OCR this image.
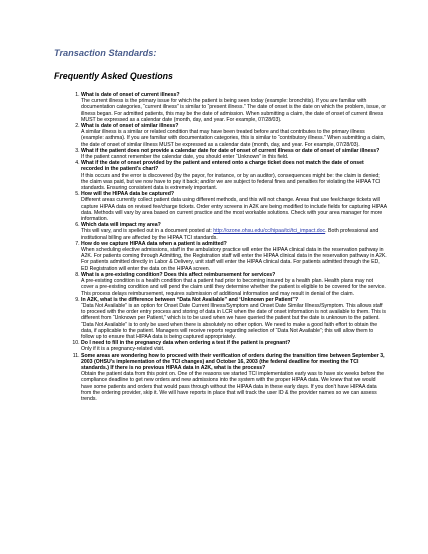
Transaction Standards:
Frequently Asked Questions
1. What is date of onset of current illness?
The current illness is the primary issue for which the patient is being seen today (example: bronchitis). If you are familiar with documentation categories, “current illness” is similar to “present illness.” The date of onset is the date on which the problem, issue, or illness began. For admitted patients, this may be the date of admission. When submitting a claim, the date of onset of current illness MUST be expressed as a calendar date (month, day, and year. For example, 07/28/03).
2. What is date of onset of similar illness?
A similar illness is a similar or related condition that may have been treated before and that contributes to the primary illness (example: asthma). If you are familiar with documentation categories, this is similar to “contributory illness.” When submitting a claim, the date of onset of similar illness MUST be expressed as a calendar date (month, day, and year. For example, 07/28/03).
3. What if the patient does not provide a calendar date for date of onset of current illness or date of onset of similar illness?
If the patient cannot remember the calendar date, you should enter “Unknown” in this field.
4. What if the date of onset provided by the patient and entered onto a charge ticket does not match the date of onset recorded in the patient’s chart?
If this occurs and the error is discovered (by the payor, for instance, or by an auditor), consequences might be: the claim is denied; the claim was paid, but we now have to pay it back; and/or we are subject to federal fines and penalties for violating the HIPAA TCI standards. Ensuring consistent data is extremely important.
5. How will the HIPAA data be captured?
Different areas currently collect patient data using different methods, and this will not change. Areas that use fee/charge tickets will capture HIPAA data on revised fee/charge tickets. Order entry screens in A2K are being modified to include fields for capturing HIPAA data. Methods will vary by area based on current practice and the most workable solutions. Check with your area manager for more information.
6. Which data will impact my area?
This will vary, and is spelled out in a document posted at: http://ozone.ohsu.edu/cc/hipaa/tci/tci_impact.doc. Both professional and institutional billing are affected by the HIPAA TCI standards.
7. How do we capture HIPAA data when a patient is admitted?
When scheduling elective admissions, staff in the ambulatory practice will enter the HIPAA clinical data in the reservation pathway in A2K. For patients coming through Admitting, the Registration staff will enter the HIPAA clinical data in the reservation pathway in A2K. For patients admitted directly in Labor & Delivery, unit staff will enter the HIPAA clinical data. For patients admitted through the ED, ED Registration will enter the data on the HIPAA screen.
8. What is a pre-existing condition? Does this affect reimbursement for services?
A pre-existing condition is a health condition that a patient had prior to becoming insured by a health plan. Health plans may not cover a pre-existing condition and will pend the claim until they determine whether the patient is eligible to be covered for the service. This process delays reimbursement, requires submission of additional information and may result in denial of the claim.
9. In A2K, what is the difference between “Data Not Available” and ‘Unknown per Patient”?
“Data Not Available” is an option for Onset Date Current Illness/Symptom and Onset Date Similar Illness/Symptom. This allows staff to proceed with the order entry process and storing of data in LCR when the date of onset information is not available to them. This is different from “Unknown per Patient,” which is to be used when we have queried the patient but the date is unknown to the patient. “Data Not Available” is to only be used when there is absolutely no other option. We need to make a good faith effort to obtain the data, if applicable to the patient. Managers will receive reports regarding selection of “Data Not Available”; this will allow them to follow up to ensure that HIPAA data is being captured appropriately.
10. Do I need to fill in the pregnancy data when ordering a test if the patient is pregnant?
Only if it is a pregnancy-related visit.
11. Some areas are wondering how to proceed with their verification of orders during the transition time between September 3, 2003 (OHSU’s implementation of the TCI changes) and October 16, 2003 (the federal deadline for meeting the TCI standards.) If there is no previous HIPAA data in A2K, what is the process?
Obtain the patient data from this point on. One of the reasons we started TCI implementation early was to have six weeks before the compliance deadline to get new orders and new admissions into the system with the proper HIPAA data. We knew that we would have some patients and orders that would pass through without the HIPAA data in these early days. If you don’t have HIPAA data from the ordering provider, skip it. We will have reports in place that will track the user ID & the provider names so we can assess trends.
